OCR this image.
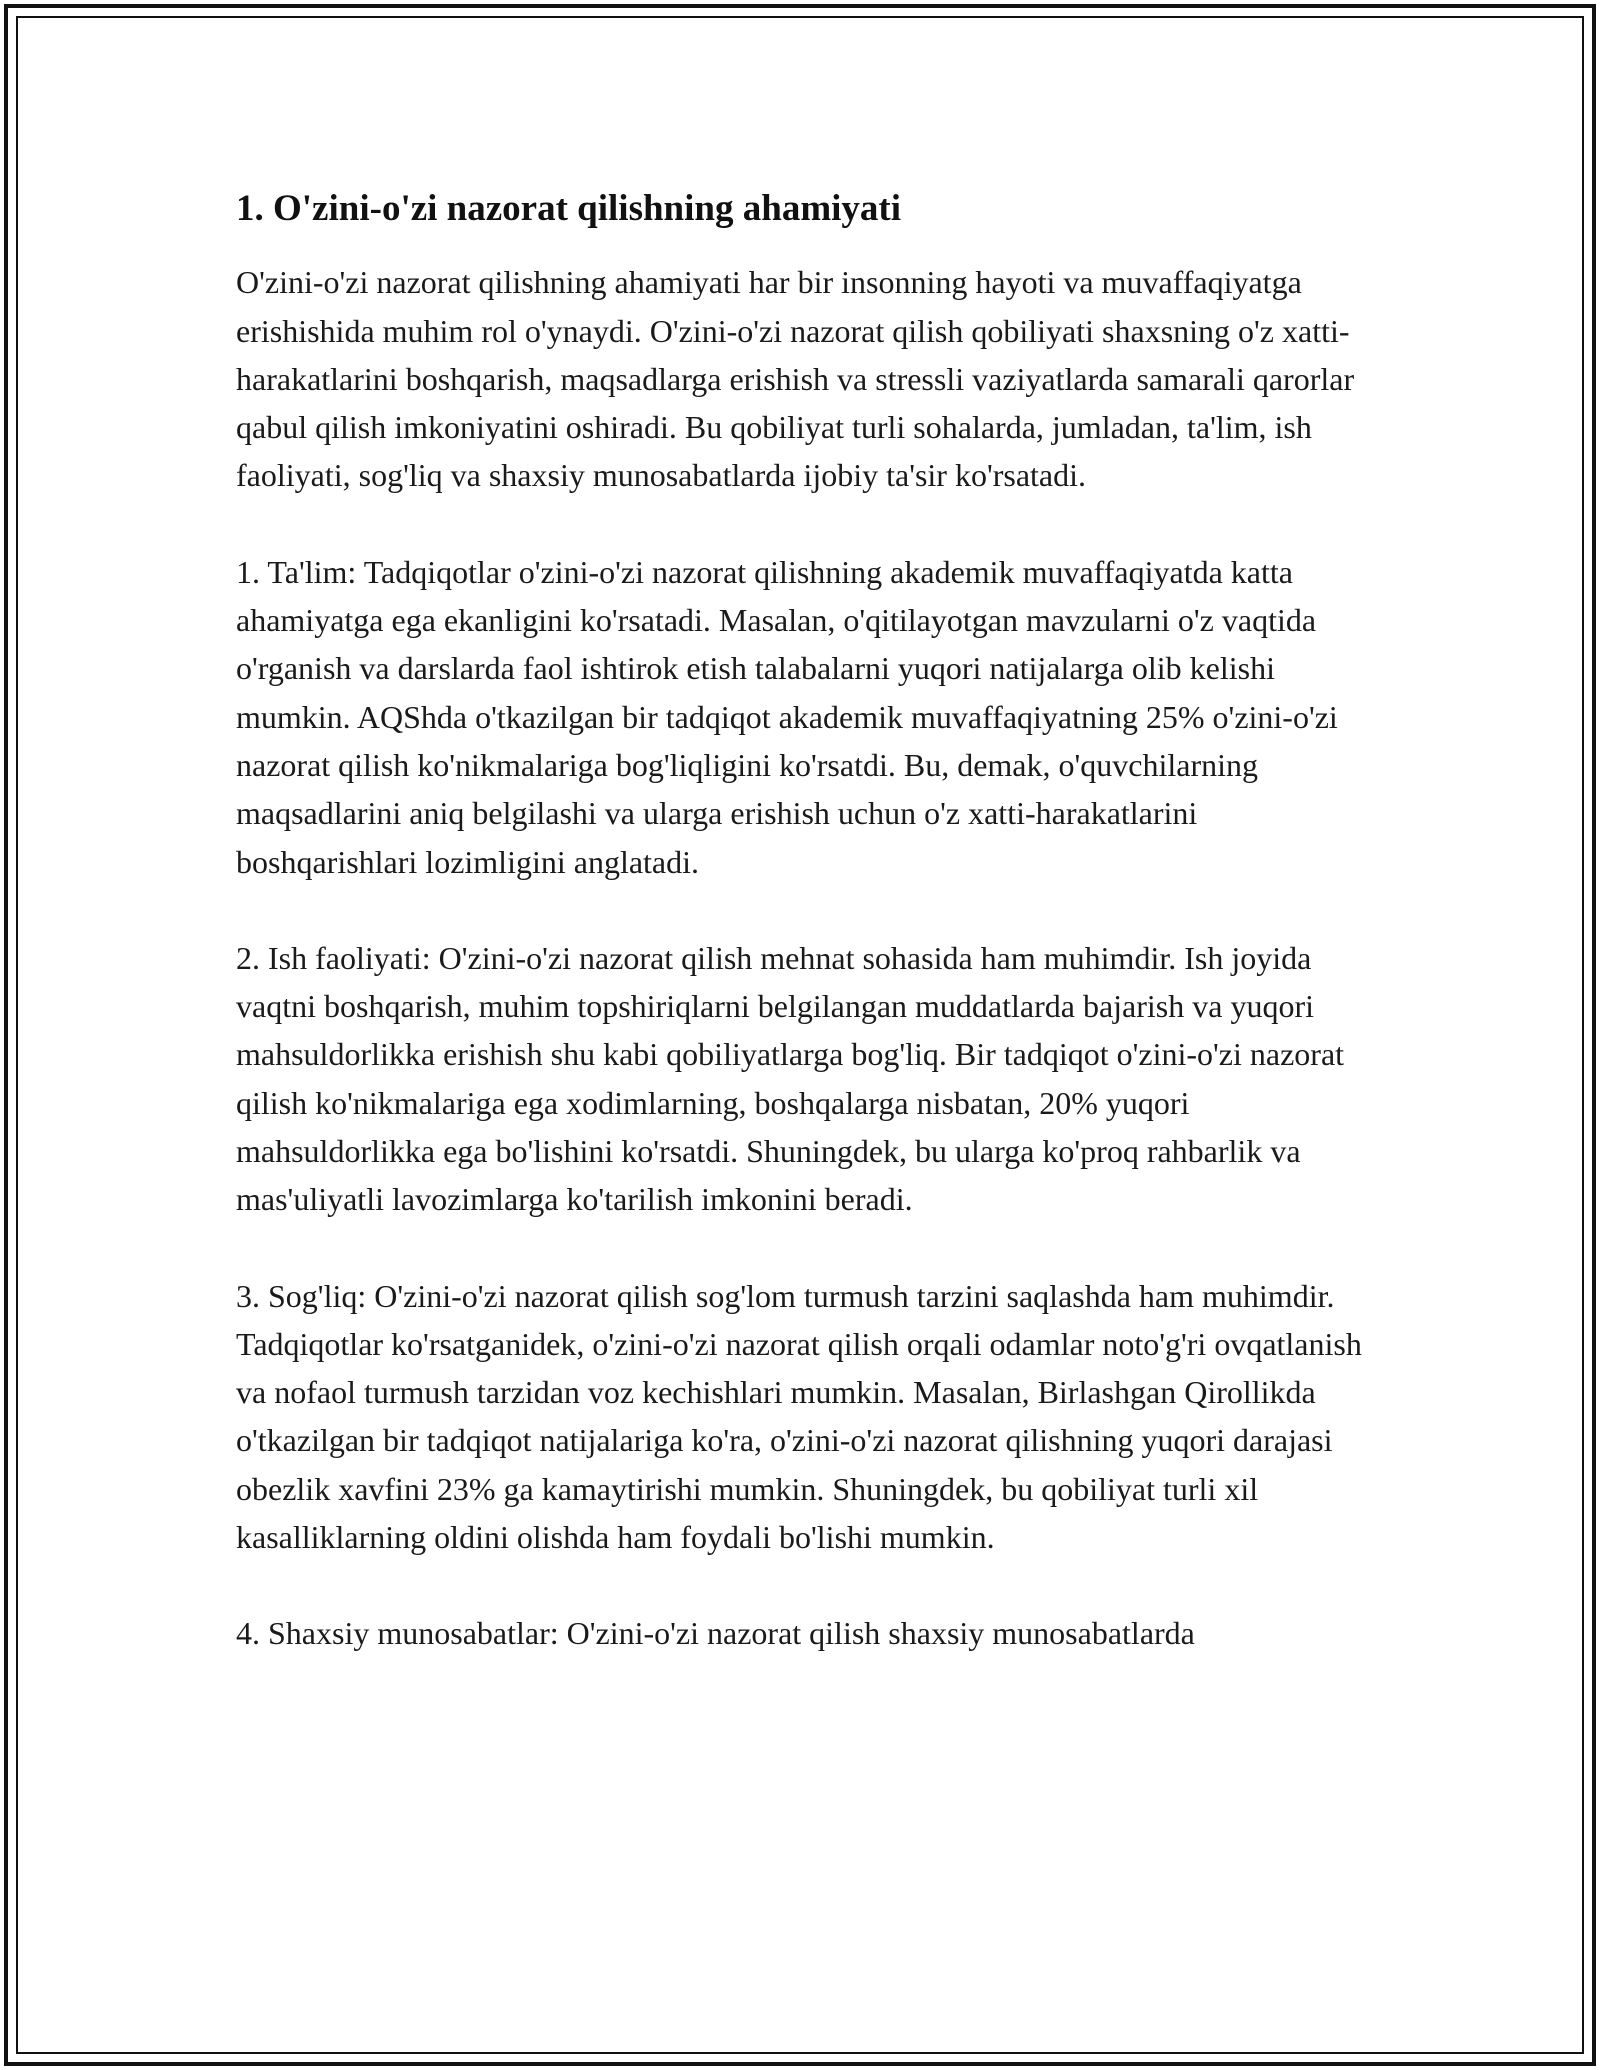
1. O'zini-o'zi nazorat qilishning ahamiyati

O'zini-o'zi nazorat qilishning ahamiyati har bir insonning hayoti va muvaffaqiyatga erishishida muhim rol o'ynaydi. O'zini-o'zi nazorat qilish qobiliyati shaxsning o'z xatti-harakatlarini boshqarish, maqsadlarga erishish va stressli vaziyatlarda samarali qarorlar qabul qilish imkoniyatini oshiradi. Bu qobiliyat turli sohalarda, jumladan, ta'lim, ish faoliyati, sog'liq va shaxsiy munosabatlarda ijobiy ta'sir ko'rsatadi.

1. Ta'lim: Tadqiqotlar o'zini-o'zi nazorat qilishning akademik muvaffaqiyatda katta ahamiyatga ega ekanligini ko'rsatadi. Masalan, o'qitilayotgan mavzularni o'z vaqtida o'rganish va darslarda faol ishtirok etish talabalarni yuqori natijalarga olib kelishi mumkin. AQShda o'tkazilgan bir tadqiqot akademik muvaffaqiyatning 25% o'zini-o'zi nazorat qilish ko'nikmalariga bog'liqligini ko'rsatdi. Bu, demak, o'quvchilarning maqsadlarini aniq belgilashi va ularga erishish uchun o'z xatti-harakatlarini boshqarishlari lozimligini anglatadi.

2. Ish faoliyati: O'zini-o'zi nazorat qilish mehnat sohasida ham muhimdir. Ish joyida vaqtni boshqarish, muhim topshiriqlarni belgilangan muddatlarda bajarish va yuqori mahsuldorlikka erishish shu kabi qobiliyatlarga bog'liq. Bir tadqiqot o'zini-o'zi nazorat qilish ko'nikmalariga ega xodimlarning, boshqalarga nisbatan, 20% yuqori mahsuldorlikka ega bo'lishini ko'rsatdi. Shuningdek, bu ularga ko'proq rahbarlik va mas'uliyatli lavozimlarga ko'tarilish imkonini beradi.

3. Sog'liq: O'zini-o'zi nazorat qilish sog'lom turmush tarzini saqlashda ham muhimdir. Tadqiqotlar ko'rsatganidek, o'zini-o'zi nazorat qilish orqali odamlar noto'g'ri ovqatlanish va nofaol turmush tarzidan voz kechishlari mumkin. Masalan, Birlashgan Qirollikda o'tkazilgan bir tadqiqot natijalariga ko'ra, o'zini-o'zi nazorat qilishning yuqori darajasi obezlik xavfini 23% ga kamaytirishi mumkin. Shuningdek, bu qobiliyat turli xil kasalliklarning oldini olishda ham foydali bo'lishi mumkin.

4. Shaxsiy munosabatlar: O'zini-o'zi nazorat qilish shaxsiy munosabatlarda
